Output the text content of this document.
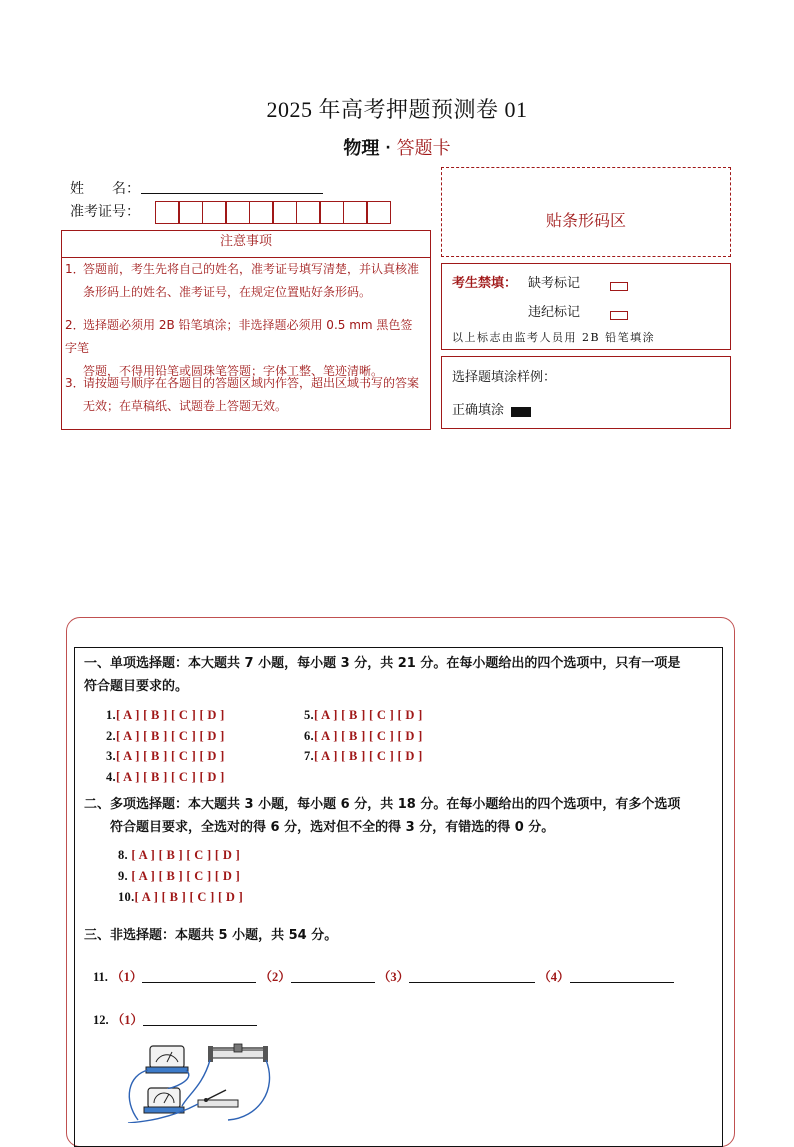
2025 年高考押题预测卷 01
物理 · 答题卡
姓　　名：
准考证号：
注意事项
1．答题前，考生先将自己的姓名，准考证号填写清楚，并认真核准
条形码上的姓名、准考证号，在规定位置贴好条形码。
2．选择题必须用 2B 铅笔填涂；非选择题必须用 0.5 mm 黑色签字笔
答题，不得用铅笔或圆珠笔答题；字体工整、笔迹清晰。
3．请按题号顺序在各题目的答题区域内作答，超出区域书写的答案
无效；在草稿纸、试题卷上答题无效。
贴条形码区
考生禁填： 缺考标记
违纪标记
以上标志由监考人员用 2B 铅笔填涂
选择题填涂样例：
正确填涂
一、单项选择题：本大题共 7 小题，每小题 3 分，共 21 分。在每小题给出的四个选项中，只有一项是
符合题目要求的。
1.[ A ] [ B ] [ C ] [ D ]
2.[ A ] [ B ] [ C ] [ D ]
3.[ A ] [ B ] [ C ] [ D ]
4.[ A ] [ B ] [ C ] [ D ]
5.[ A ] [ B ] [ C ] [ D ]
6.[ A ] [ B ] [ C ] [ D ]
7.[ A ] [ B ] [ C ] [ D ]
二、多项选择题：本大题共 3 小题，每小题 6 分，共 18 分。在每小题给出的四个选项中，有多个选项
符合题目要求，全选对的得 6 分，选对但不全的得 3 分，有错选的得 0 分。
8. [ A ] [ B ] [ C ] [ D ]
9. [ A ] [ B ] [ C ] [ D ]
10.[ A ] [ B ] [ C ] [ D ]
三、非选择题：本题共 5 小题，共 54 分。
11. （1）	（2）	（3）	（4）
12. （1）
